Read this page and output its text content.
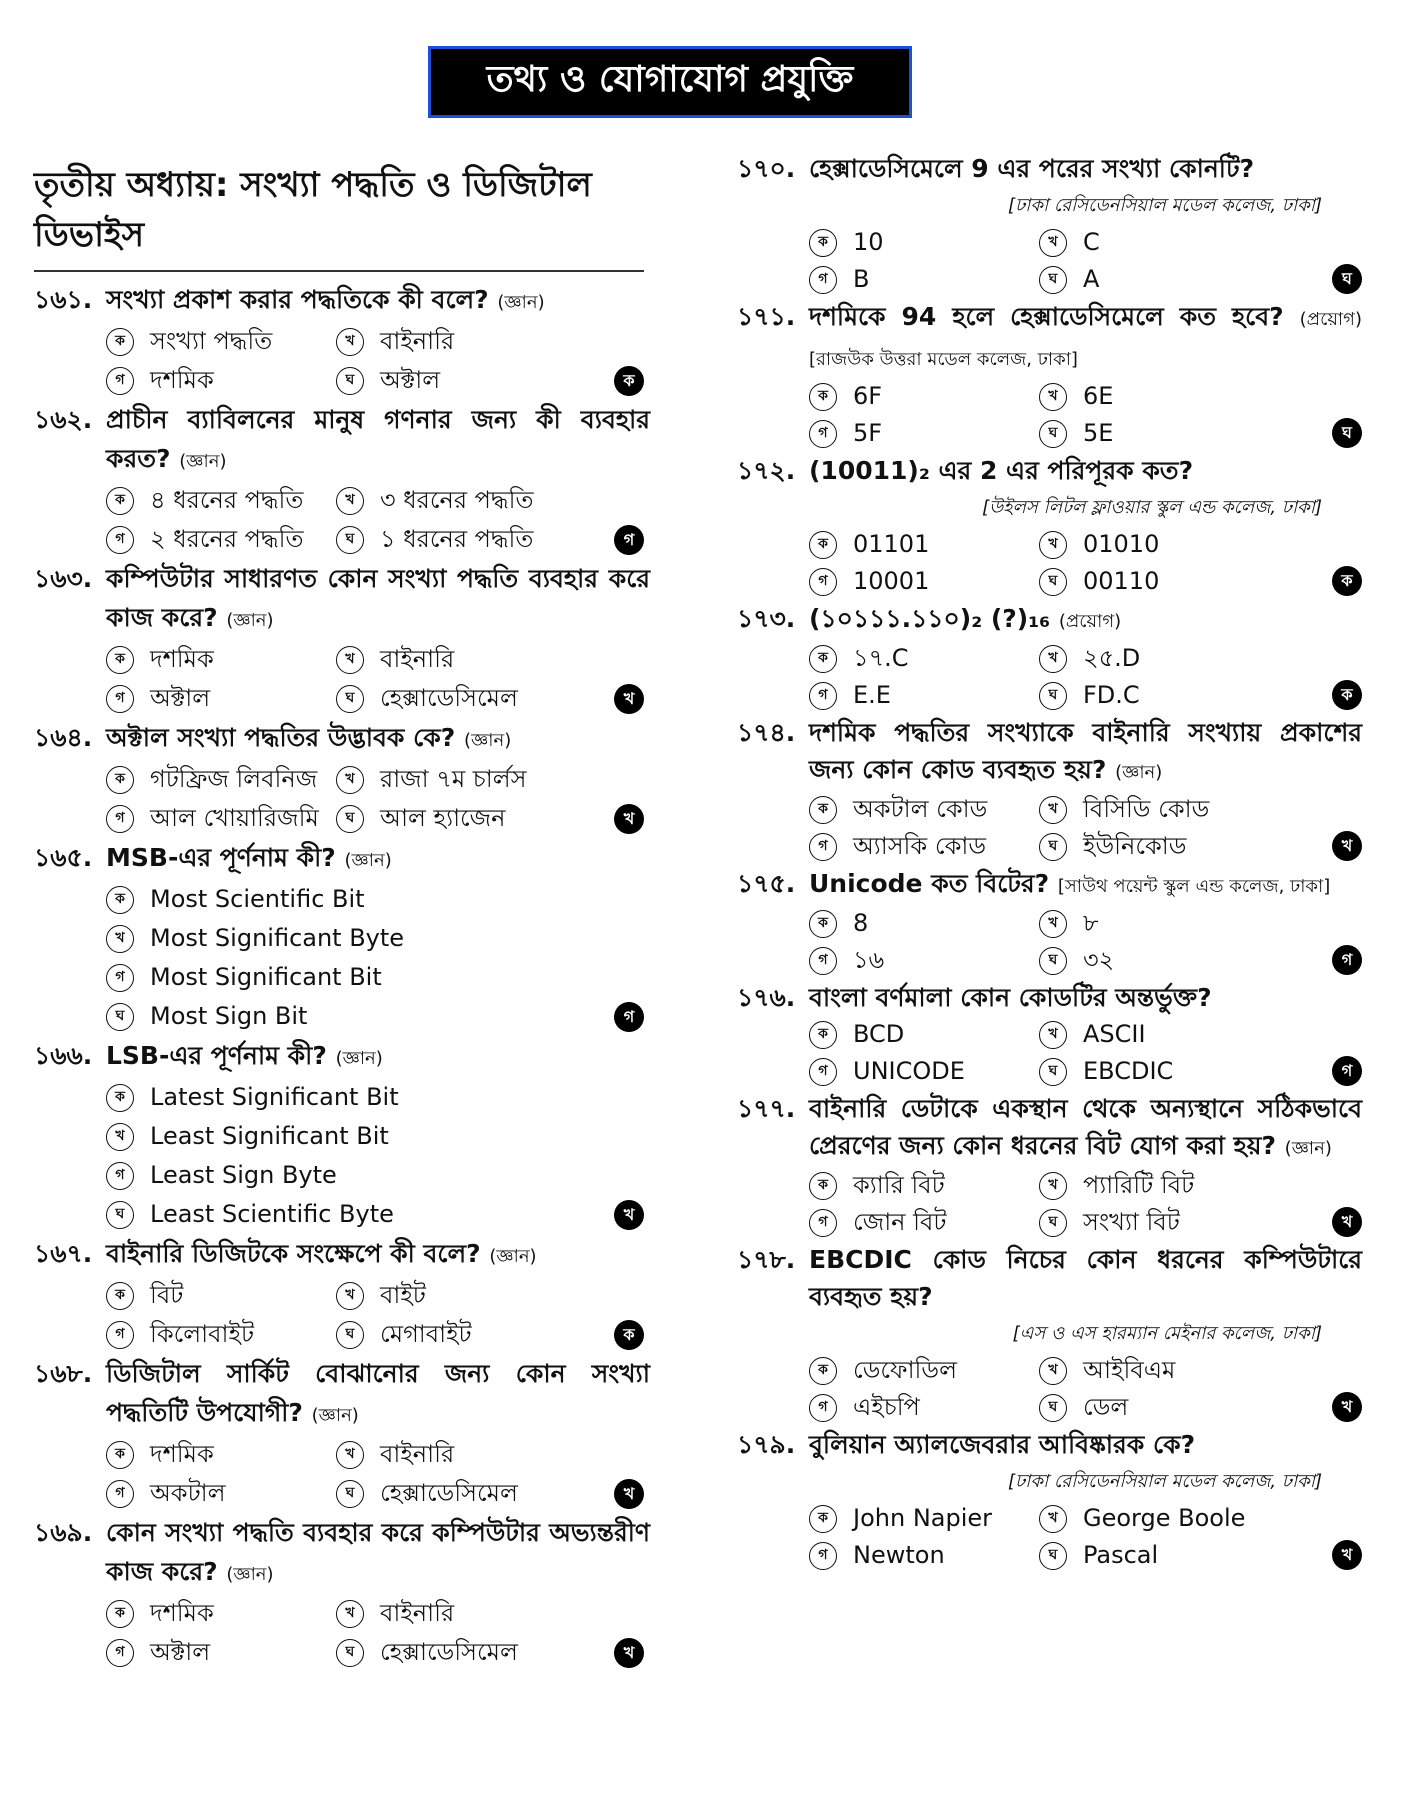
তথ্য ও যোগাযোগ প্রযুক্তি
তৃতীয় অধ্যায়: সংখ্যা পদ্ধতি ও ডিজিটাল ডিভাইস
১৬১. সংখ্যা প্রকাশ করার পদ্ধতিকে কী বলে? (জ্ঞান)
ক	সংখ্যা পদ্ধতি	খ	বাইনারি
গ	দশমিক	ঘ	অক্টাল	ক
১৬২. প্রাচীন ব্যাবিলনের মানুষ গণনার জন্য কী ব্যবহার করত? (জ্ঞান)
ক	৪ ধরনের পদ্ধতি	খ	৩ ধরনের পদ্ধতি
গ	২ ধরনের পদ্ধতি	ঘ	১ ধরনের পদ্ধতি	গ
১৬৩. কম্পিউটার সাধারণত কোন সংখ্যা পদ্ধতি ব্যবহার করে কাজ করে? (জ্ঞান)
ক	দশমিক	খ	বাইনারি
গ	অক্টাল	ঘ	হেক্সাডেসিমেল	খ
১৬৪. অক্টাল সংখ্যা পদ্ধতির উদ্ভাবক কে? (জ্ঞান)
ক	গটফ্রিজ লিবনিজ	খ	রাজা ৭ম চার্লস
গ	আল খোয়ারিজমি	ঘ	আল হ্যাজেন	খ
১৬৫. MSB-এর পূর্ণনাম কী? (জ্ঞান)
ক	Most Scientific Bit
খ	Most Significant Byte
গ	Most Significant Bit
ঘ	Most Sign Bit	গ
১৬৬. LSB-এর পূর্ণনাম কী? (জ্ঞান)
ক	Latest Significant Bit
খ	Least Significant Bit
গ	Least Sign Byte
ঘ	Least Scientific Byte	খ
১৬৭. বাইনারি ডিজিটকে সংক্ষেপে কী বলে? (জ্ঞান)
ক	বিট	খ	বাইট
গ	কিলোবাইট	ঘ	মেগাবাইট	ক
১৬৮. ডিজিটাল সার্কিট বোঝানোর জন্য কোন সংখ্যা পদ্ধতিটি উপযোগী? (জ্ঞান)
ক	দশমিক	খ	বাইনারি
গ	অকটাল	ঘ	হেক্সাডেসিমেল	খ
১৬৯. কোন সংখ্যা পদ্ধতি ব্যবহার করে কম্পিউটার অভ্যন্তরীণ কাজ করে? (জ্ঞান)
ক	দশমিক	খ	বাইনারি
গ	অক্টাল	ঘ	হেক্সাডেসিমেল	খ
১৭০. হেক্সাডেসিমেলে 9 এর পরের সংখ্যা কোনটি?
[ঢাকা রেসিডেনসিয়াল মডেল কলেজ, ঢাকা]
ক	10	খ	C
গ	B	ঘ	A	ঘ
১৭১. দশমিকে 94 হলে হেক্সাডেসিমেলে কত হবে? (প্রয়োগ) [রাজউক উত্তরা মডেল কলেজ, ঢাকা]
ক	6F	খ	6E
গ	5F	ঘ	5E	ঘ
১৭২. (10011)₂ এর 2 এর পরিপূরক কত?
[উইলস লিটল ফ্লাওয়ার স্কুল এন্ড কলেজ, ঢাকা]
ক	01101	খ	01010
গ	10001	ঘ	00110	ক
১৭৩. (১০১১১.১১০)₂ (?)₁₆ (প্রয়োগ)
ক	১৭.C	খ	২৫.D
গ	E.E	ঘ	FD.C	ক
১৭৪. দশমিক পদ্ধতির সংখ্যাকে বাইনারি সংখ্যায় প্রকাশের জন্য কোন কোড ব্যবহৃত হয়? (জ্ঞান)
ক	অকটাল কোড	খ	বিসিডি কোড
গ	অ্যাসকি কোড	ঘ	ইউনিকোড	খ
১৭৫. Unicode কত বিটের? [সাউথ পয়েন্ট স্কুল এন্ড কলেজ, ঢাকা]
ক	8	খ	৮
গ	১৬	ঘ	৩২	গ
১৭৬. বাংলা বর্ণমালা কোন কোডটির অন্তর্ভুক্ত?
ক	BCD	খ	ASCII
গ	UNICODE	ঘ	EBCDIC	গ
১৭৭. বাইনারি ডেটাকে একস্থান থেকে অন্যস্থানে সঠিকভাবে প্রেরণের জন্য কোন ধরনের বিট যোগ করা হয়? (জ্ঞান)
ক	ক্যারি বিট	খ	প্যারিটি বিট
গ	জোন বিট	ঘ	সংখ্যা বিট	খ
১৭৮. EBCDIC কোড নিচের কোন ধরনের কম্পিউটারে ব্যবহৃত হয়?
[এস ও এস হারম্যান মেইনার কলেজ, ঢাকা]
ক	ডেফোডিল	খ	আইবিএম
গ	এইচপি	ঘ	ডেল	খ
১৭৯. বুলিয়ান অ্যালজেবরার আবিষ্কারক কে?
[ঢাকা রেসিডেনসিয়াল মডেল কলেজ, ঢাকা]
ক	John Napier	খ	George Boole
গ	Newton	ঘ	Pascal	খ
